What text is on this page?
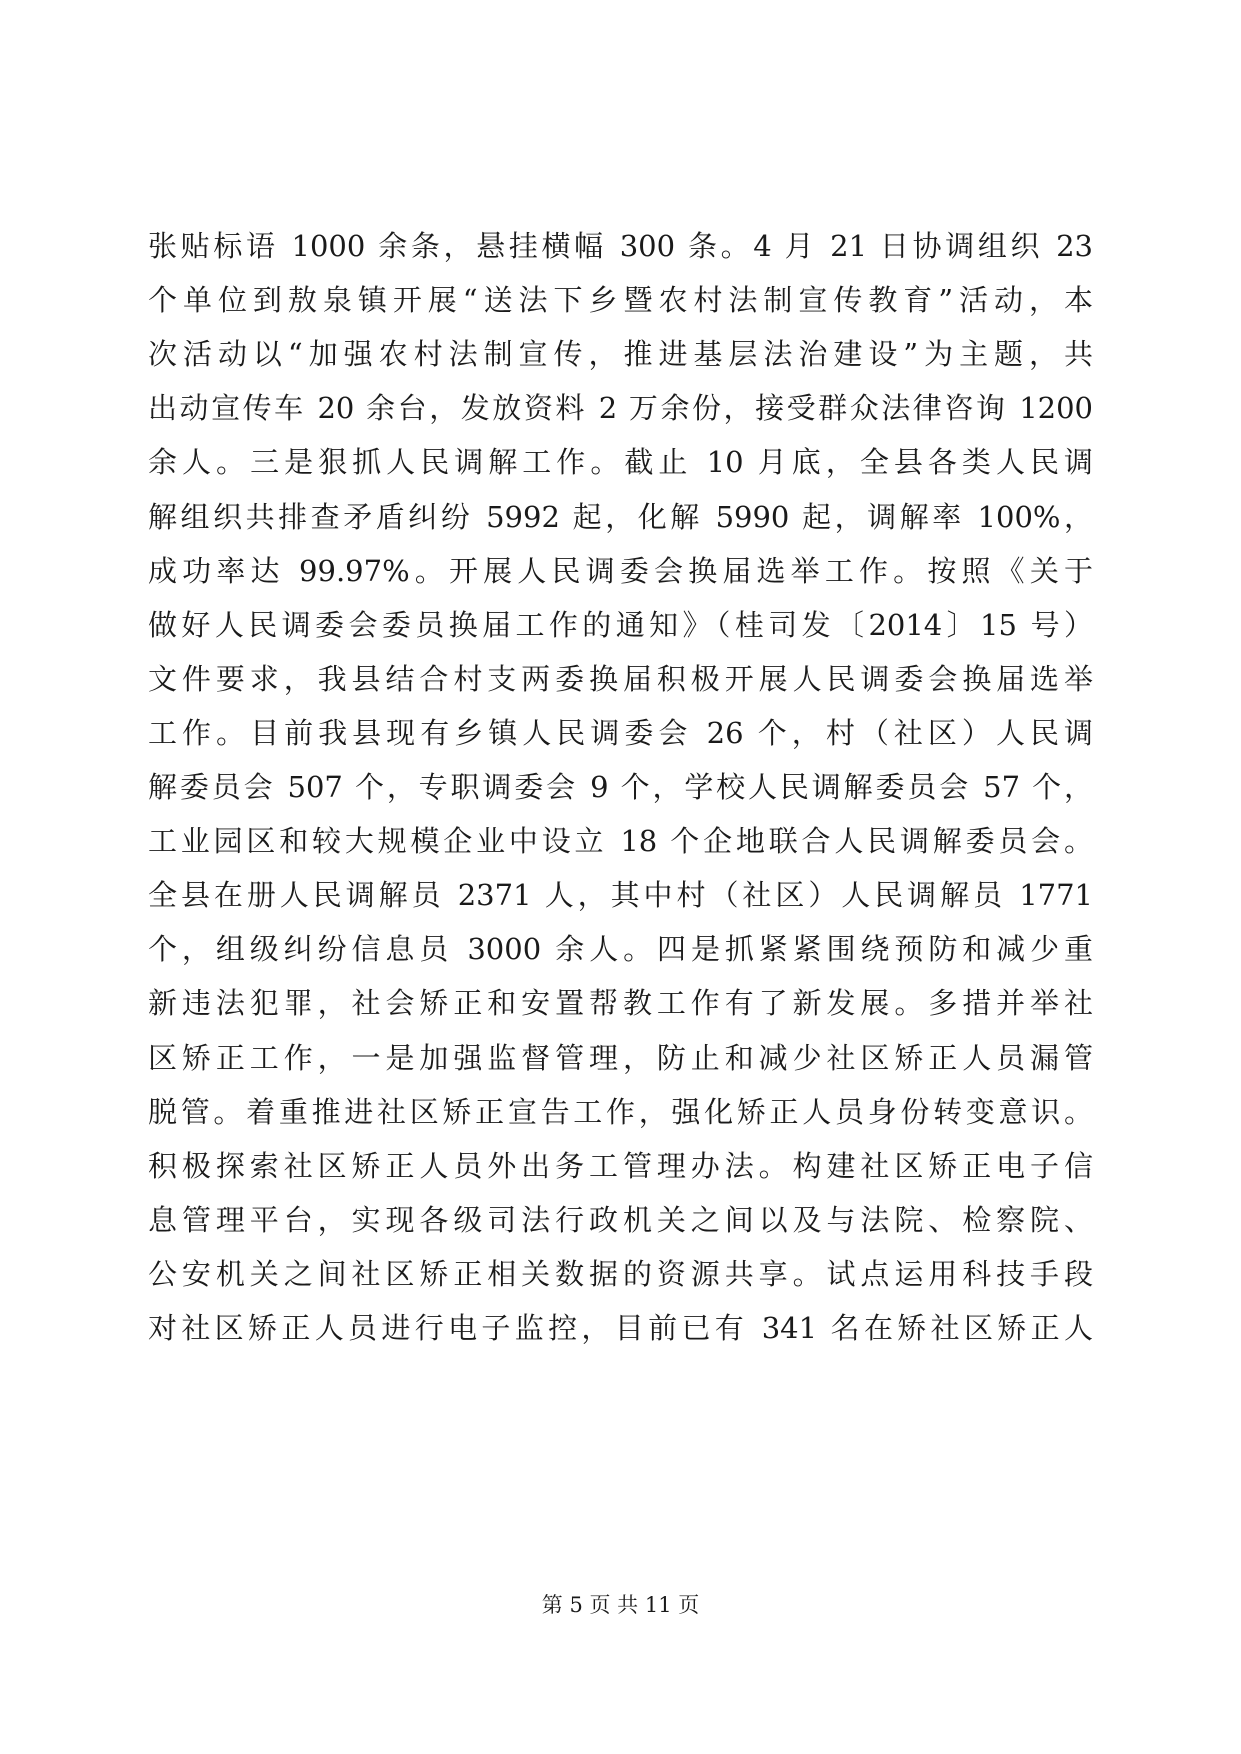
张贴标语 1000 余条，悬挂横幅 300 条。4 月 21 日协调组织 23
个单位到敖泉镇开展“送法下乡暨农村法制宣传教育”活动，本
次活动以“加强农村法制宣传，推进基层法治建设”为主题，共
出动宣传车 20 余台，发放资料 2 万余份，接受群众法律咨询 1200
余人。三是狠抓人民调解工作。截止 10 月底，全县各类人民调
解组织共排查矛盾纠纷 5992 起，化解 5990 起，调解率 100%，
成功率达 99.97%。开展人民调委会换届选举工作。按照《关于
做好人民调委会委员换届工作的通知》（桂司发〔2014〕15 号）
文件要求，我县结合村支两委换届积极开展人民调委会换届选举
工作。目前我县现有乡镇人民调委会 26 个，村（社区）人民调
解委员会 507 个，专职调委会 9 个，学校人民调解委员会 57 个，
工业园区和较大规模企业中设立 18 个企地联合人民调解委员会。
全县在册人民调解员 2371 人，其中村（社区）人民调解员 1771
个，组级纠纷信息员 3000 余人。四是抓紧紧围绕预防和减少重
新违法犯罪，社会矫正和安置帮教工作有了新发展。多措并举社
区矫正工作，一是加强监督管理，防止和减少社区矫正人员漏管
脱管。着重推进社区矫正宣告工作，强化矫正人员身份转变意识。
积极探索社区矫正人员外出务工管理办法。构建社区矫正电子信
息管理平台，实现各级司法行政机关之间以及与法院、检察院、
公安机关之间社区矫正相关数据的资源共享。试点运用科技手段
对社区矫正人员进行电子监控，目前已有 341 名在矫社区矫正人
第 5 页 共 11 页
